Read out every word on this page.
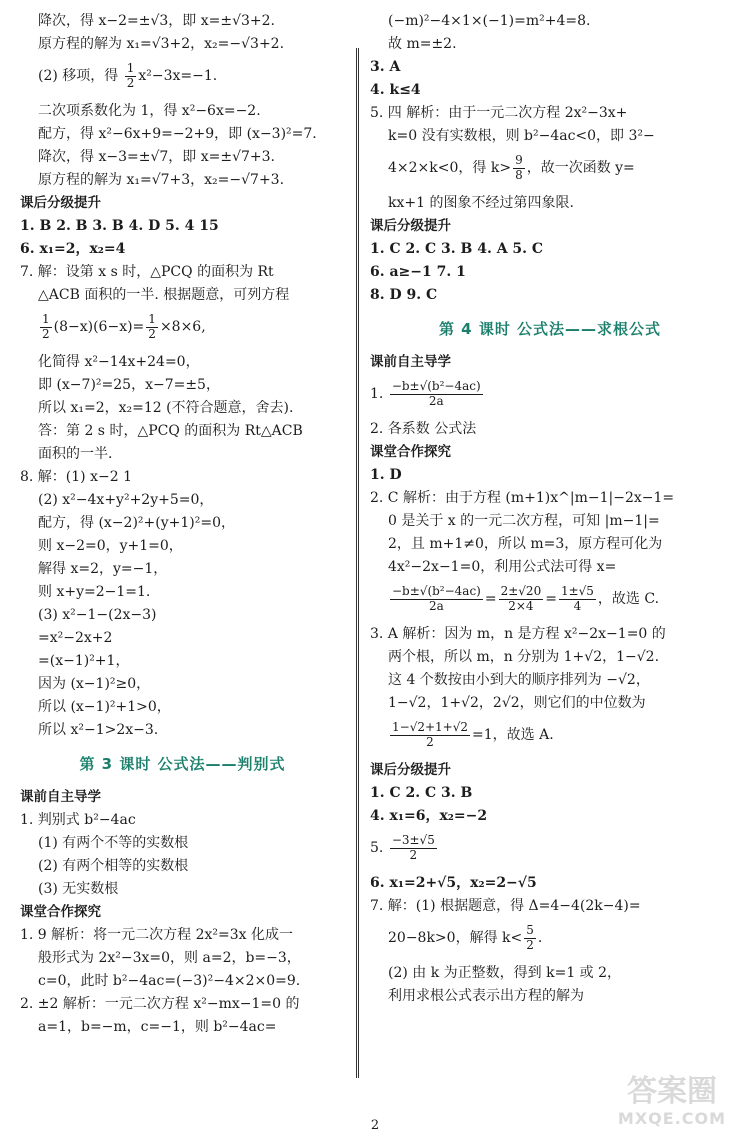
降次，得 x−2=±√3，即 x=±√3+2.
原方程的解为 x₁=√3+2，x₂=−√3+2.
(2) 移项，得 $\frac{1}{2} x^2-3x=-1$.
二次项系数化为 1，得 x²−6x=−2.
配方，得 x²−6x+9=−2+9，即 (x−3)²=7.
降次，得 x−3=±√7，即 x=±√7+3.
原方程的解为 x₁=√7+3，x₂=−√7+3.
课后分级提升
1. B 2. B 3. B 4. D 5. 4 15
6. x₁=2，x₂=4
7. 解：设第 x s 时，△PCQ 的面积为 Rt
△ACB 面积的一半. 根据题意，可列方程
$\frac{1}{2} (8-x)(6-x)= \frac{1}{2} \times 8\times 6$,
化简得 x²−14x+24=0，
即 (x−7)²=25，x−7=±5，
所以 x₁=2，x₂=12 (不符合题意，舍去).
答：第 2 s 时，△PCQ 的面积为 Rt△ACB
面积的一半.
8. 解：(1) x−2 1
(2) x²−4x+y²+2y+5=0，
配方，得 (x−2)²+(y+1)²=0，
则 x−2=0，y+1=0，
解得 x=2，y=−1，
则 x+y=2−1=1.
(3) x²−1−(2x−3)
=x²−2x+2
=(x−1)²+1，
因为 (x−1)²≥0，
所以 (x−1)²+1>0，
所以 x²−1>2x−3.
第 3 课时 公式法——判别式
课前自主导学
1. 判别式 b²−4ac
(1) 有两个不等的实数根
(2) 有两个相等的实数根
(3) 无实数根
课堂合作探究
1. 9 解析：将一元二次方程 2x²=3x 化成一
般形式为 2x²−3x=0，则 a=2，b=−3，
c=0，此时 b²−4ac=(−3)²−4×2×0=9.
2. ±2 解析：一元二次方程 x²−mx−1=0 的
a=1，b=−m，c=−1，则 b²−4ac=
(−m)²−4×1×(−1)=m²+4=8.
故 m=±2.
3. A
4. k≤4
5. 四 解析：由于一元二次方程 2x²−3x+
k=0 没有实数根，则 b²−4ac<0，即 3²−
4×2×k<0，得 $k> \frac{9}{8}$ ，故一次函数 y=
kx+1 的图象不经过第四象限.
课后分级提升
1. C 2. C 3. B 4. A 5. C
6. a≥−1 7. 1
8. D 9. C
第 4 课时 公式法——求根公式
课前自主导学
1. $\frac{\text{−b±√(b²−4ac)}}{2a}$
2. 各系数 公式法
课堂合作探究
1. D
2. C 解析：由于方程 (m+1)x^|m−1|−2x−1=
0 是关于 x 的一元二次方程，可知 |m−1|=
2，且 m+1≠0，所以 m=3，原方程可化为
4x²−2x−1=0，利用公式法可得 x=
$\frac{\text{−b±√(b²−4ac)}}{2a} = \frac{2\pm√20}{2\times 4} = \frac{1\pm√5}{4}$ ，故选 C.
3. A 解析：因为 m，n 是方程 x²−2x−1=0 的
两个根，所以 m，n 分别为 1+√2，1−√2.
这 4 个数按由小到大的顺序排列为 −√2，
1−√2，1+√2，2√2，则它们的中位数为
$\frac{1-√2+1+√2}{2} =1$，故选 A.
课后分级提升
1. C 2. C 3. B
4. x₁=6，x₂=−2
5. $\frac{-3\pm√5}{2}$
6. x₁=2+√5，x₂=2−√5
7. 解：(1) 根据题意，得 Δ=4−4(2k−4)=
20−8k>0，解得 $k< \frac{5}{2}$ .
(2) 由 k 为正整数，得到 k=1 或 2，
利用求根公式表示出方程的解为
2
答案圈
MXQE.COM
